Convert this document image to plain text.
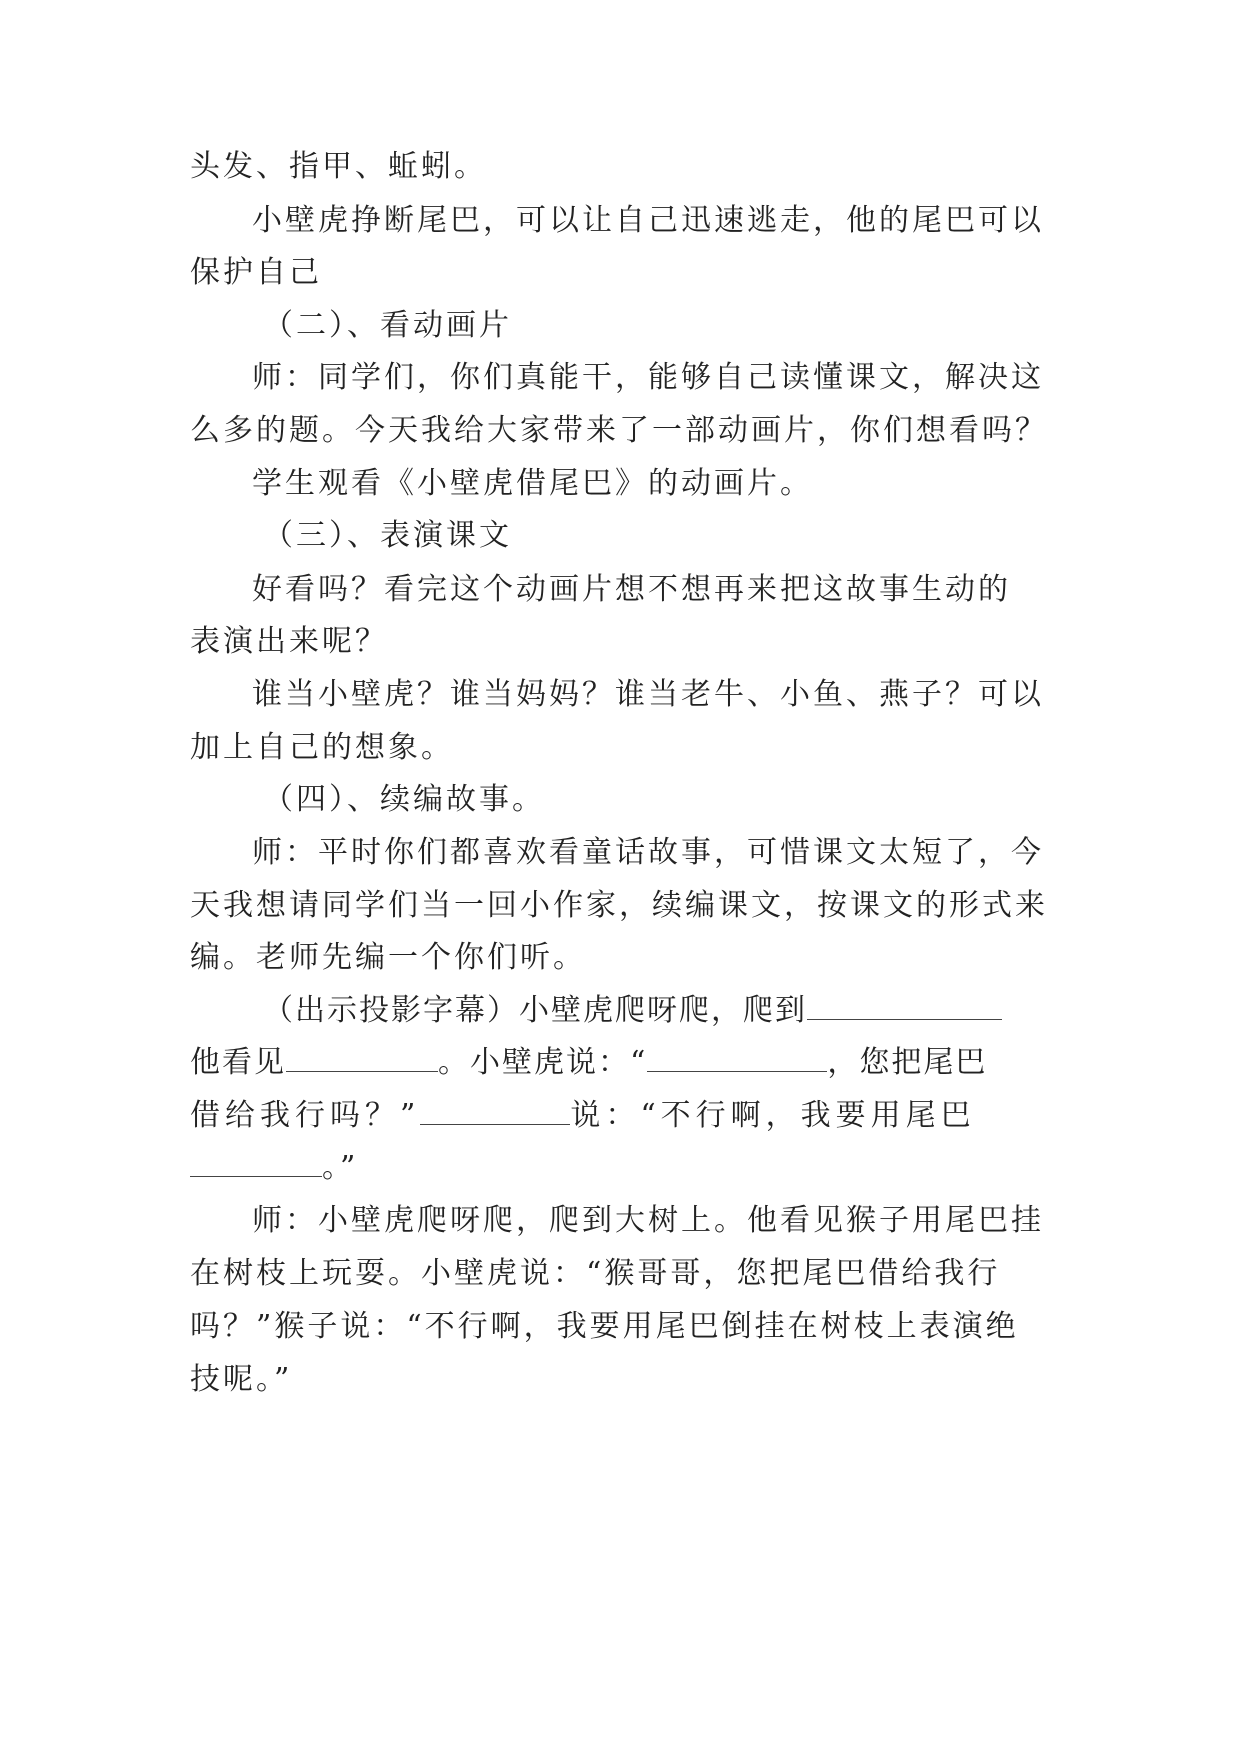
头发、指甲、蚯蚓。
小壁虎挣断尾巴，可以让自己迅速逃走，他的尾巴可以
保护自己
（二）、看动画片
师：同学们，你们真能干，能够自己读懂课文，解决这
么多的题。今天我给大家带来了一部动画片，你们想看吗？
学生观看《小壁虎借尾巴》的动画片。
（三）、表演课文
好看吗？看完这个动画片想不想再来把这故事生动的
表演出来呢？
谁当小壁虎？谁当妈妈？谁当老牛、小鱼、燕子？可以
加上自己的想象。
（四）、续编故事。
师：平时你们都喜欢看童话故事，可惜课文太短了，今
天我想请同学们当一回小作家，续编课文，按课文的形式来
编。老师先编一个你们听。
（出示投影字幕）小壁虎爬呀爬，爬到
他看见	。小壁虎说：“	，您把尾巴
借给我行吗？”	说：“不行啊，我要用尾巴
。”
师：小壁虎爬呀爬，爬到大树上。他看见猴子用尾巴挂
在树枝上玩耍。小壁虎说：“猴哥哥，您把尾巴借给我行
吗？”猴子说：“不行啊，我要用尾巴倒挂在树枝上表演绝
技呢。”
